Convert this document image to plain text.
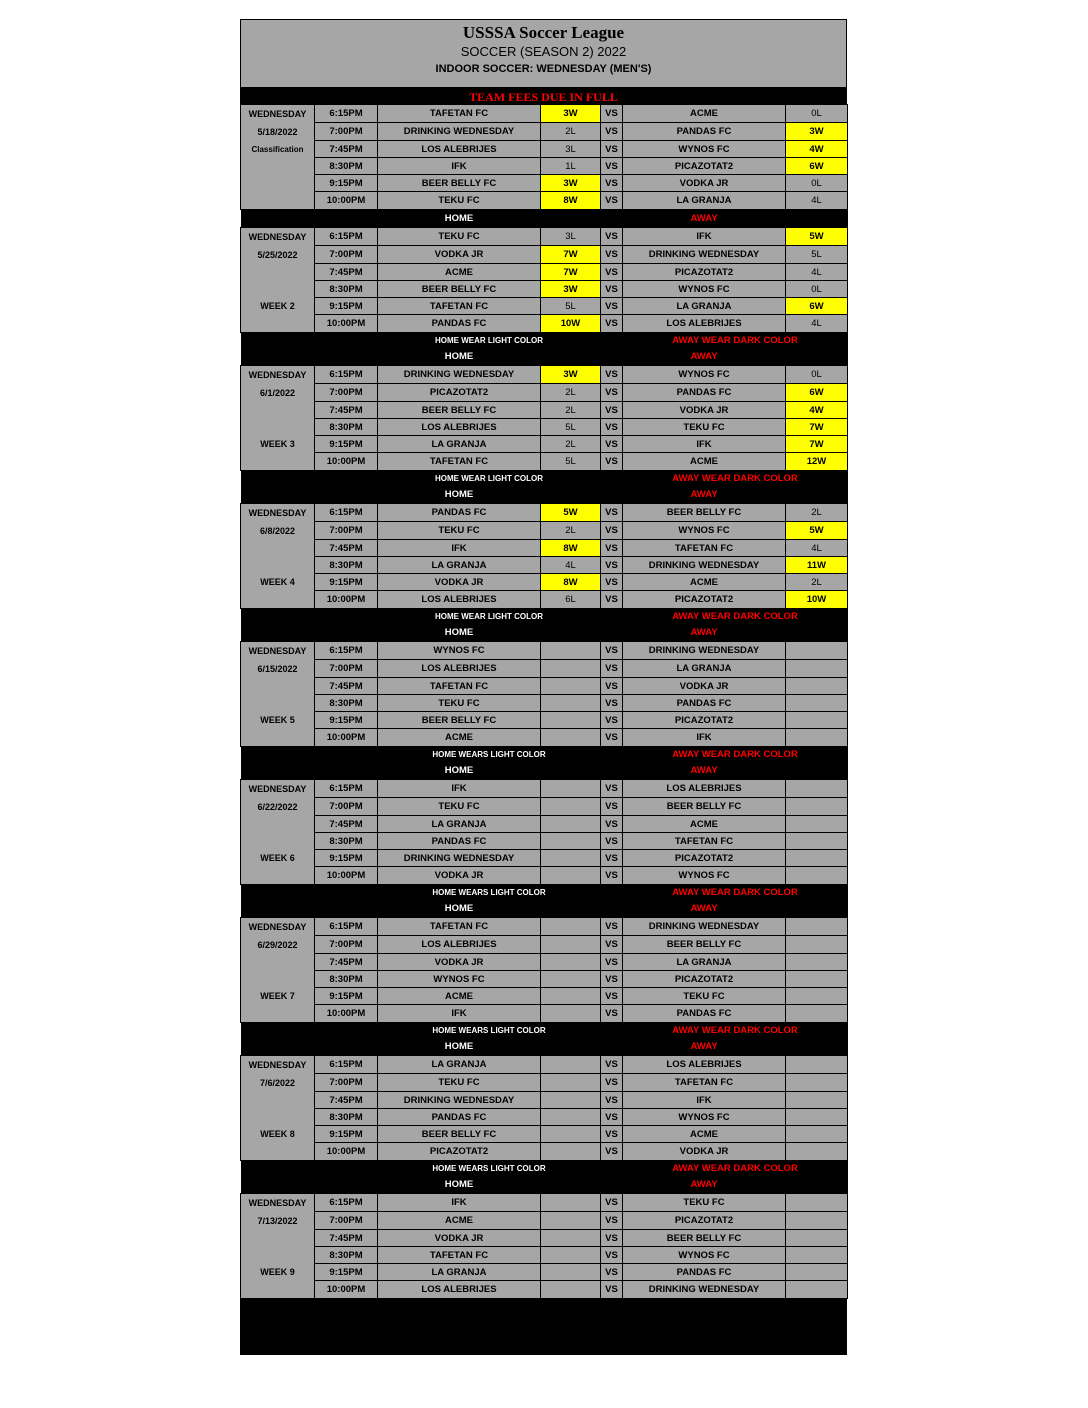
USSSA Soccer League
SOCCER (SEASON 2) 2022
INDOOR SOCCER: WEDNESDAY (MEN'S)
TEAM FEES DUE IN FULL
WEDNESDAY	6:15PM	TAFETAN FC	3W	VS	ACME	0L
5/18/2022	7:00PM	DRINKING WEDNESDAY	2L	VS	PANDAS FC	3W
Classification	7:45PM	LOS ALEBRIJES	3L	VS	WYNOS FC	4W
	8:30PM	IFK	1L	VS	PICAZOTAT2	6W
	9:15PM	BEER BELLY FC	3W	VS	VODKA JR	0L
	10:00PM	TEKU FC	8W	VS	LA GRANJA	4L
		HOME			AWAY	
WEDNESDAY	6:15PM	TEKU FC	3L	VS	IFK	5W
5/25/2022	7:00PM	VODKA JR	7W	VS	DRINKING WEDNESDAY	5L
	7:45PM	ACME	7W	VS	PICAZOTAT2	4L
	8:30PM	BEER BELLY FC	3W	VS	WYNOS FC	0L
WEEK 2	9:15PM	TAFETAN FC	5L	VS	LA GRANJA	6W
	10:00PM	PANDAS FC	10W	VS	LOS ALEBRIJES	4L
		HOME WEAR LIGHT COLOR			AWAY WEAR DARK COLOR	
		HOME			AWAY	
WEDNESDAY	6:15PM	DRINKING WEDNESDAY	3W	VS	WYNOS FC	0L
6/1/2022	7:00PM	PICAZOTAT2	2L	VS	PANDAS FC	6W
	7:45PM	BEER BELLY FC	2L	VS	VODKA JR	4W
	8:30PM	LOS ALEBRIJES	5L	VS	TEKU FC	7W
WEEK 3	9:15PM	LA GRANJA	2L	VS	IFK	7W
	10:00PM	TAFETAN FC	5L	VS	ACME	12W
		HOME WEAR LIGHT COLOR			AWAY WEAR DARK COLOR	
		HOME			AWAY	
WEDNESDAY	6:15PM	PANDAS FC	5W	VS	BEER BELLY FC	2L
6/8/2022	7:00PM	TEKU FC	2L	VS	WYNOS FC	5W
	7:45PM	IFK	8W	VS	TAFETAN FC	4L
	8:30PM	LA GRANJA	4L	VS	DRINKING WEDNESDAY	11W
WEEK 4	9:15PM	VODKA JR	8W	VS	ACME	2L
	10:00PM	LOS ALEBRIJES	6L	VS	PICAZOTAT2	10W
		HOME WEAR LIGHT COLOR			AWAY WEAR DARK COLOR	
		HOME			AWAY	
WEDNESDAY	6:15PM	WYNOS FC		VS	DRINKING WEDNESDAY	
6/15/2022	7:00PM	LOS ALEBRIJES		VS	LA GRANJA	
	7:45PM	TAFETAN FC		VS	VODKA JR	
	8:30PM	TEKU FC		VS	PANDAS FC	
WEEK 5	9:15PM	BEER BELLY FC		VS	PICAZOTAT2	
	10:00PM	ACME		VS	IFK	
		HOME WEARS LIGHT COLOR			AWAY WEAR DARK COLOR	
		HOME			AWAY	
WEDNESDAY	6:15PM	IFK		VS	LOS ALEBRIJES	
6/22/2022	7:00PM	TEKU FC		VS	BEER BELLY FC	
	7:45PM	LA GRANJA		VS	ACME	
	8:30PM	PANDAS FC		VS	TAFETAN FC	
WEEK 6	9:15PM	DRINKING WEDNESDAY		VS	PICAZOTAT2	
	10:00PM	VODKA JR		VS	WYNOS FC	
		HOME WEARS LIGHT COLOR			AWAY WEAR DARK COLOR	
		HOME			AWAY	
WEDNESDAY	6:15PM	TAFETAN FC		VS	DRINKING WEDNESDAY	
6/29/2022	7:00PM	LOS ALEBRIJES		VS	BEER BELLY FC	
	7:45PM	VODKA JR		VS	LA GRANJA	
	8:30PM	WYNOS FC		VS	PICAZOTAT2	
WEEK 7	9:15PM	ACME		VS	TEKU FC	
	10:00PM	IFK		VS	PANDAS FC	
		HOME WEARS LIGHT COLOR			AWAY WEAR DARK COLOR	
		HOME			AWAY	
WEDNESDAY	6:15PM	LA GRANJA		VS	LOS ALEBRIJES	
7/6/2022	7:00PM	TEKU FC		VS	TAFETAN FC	
	7:45PM	DRINKING WEDNESDAY		VS	IFK	
	8:30PM	PANDAS FC		VS	WYNOS FC	
WEEK 8	9:15PM	BEER BELLY FC		VS	ACME	
	10:00PM	PICAZOTAT2		VS	VODKA JR	
		HOME WEARS LIGHT COLOR			AWAY WEAR DARK COLOR	
		HOME			AWAY	
WEDNESDAY	6:15PM	IFK		VS	TEKU FC	
7/13/2022	7:00PM	ACME		VS	PICAZOTAT2	
	7:45PM	VODKA JR		VS	BEER BELLY FC	
	8:30PM	TAFETAN FC		VS	WYNOS FC	
WEEK 9	9:15PM	LA GRANJA		VS	PANDAS FC	
	10:00PM	LOS ALEBRIJES		VS	DRINKING WEDNESDAY	
